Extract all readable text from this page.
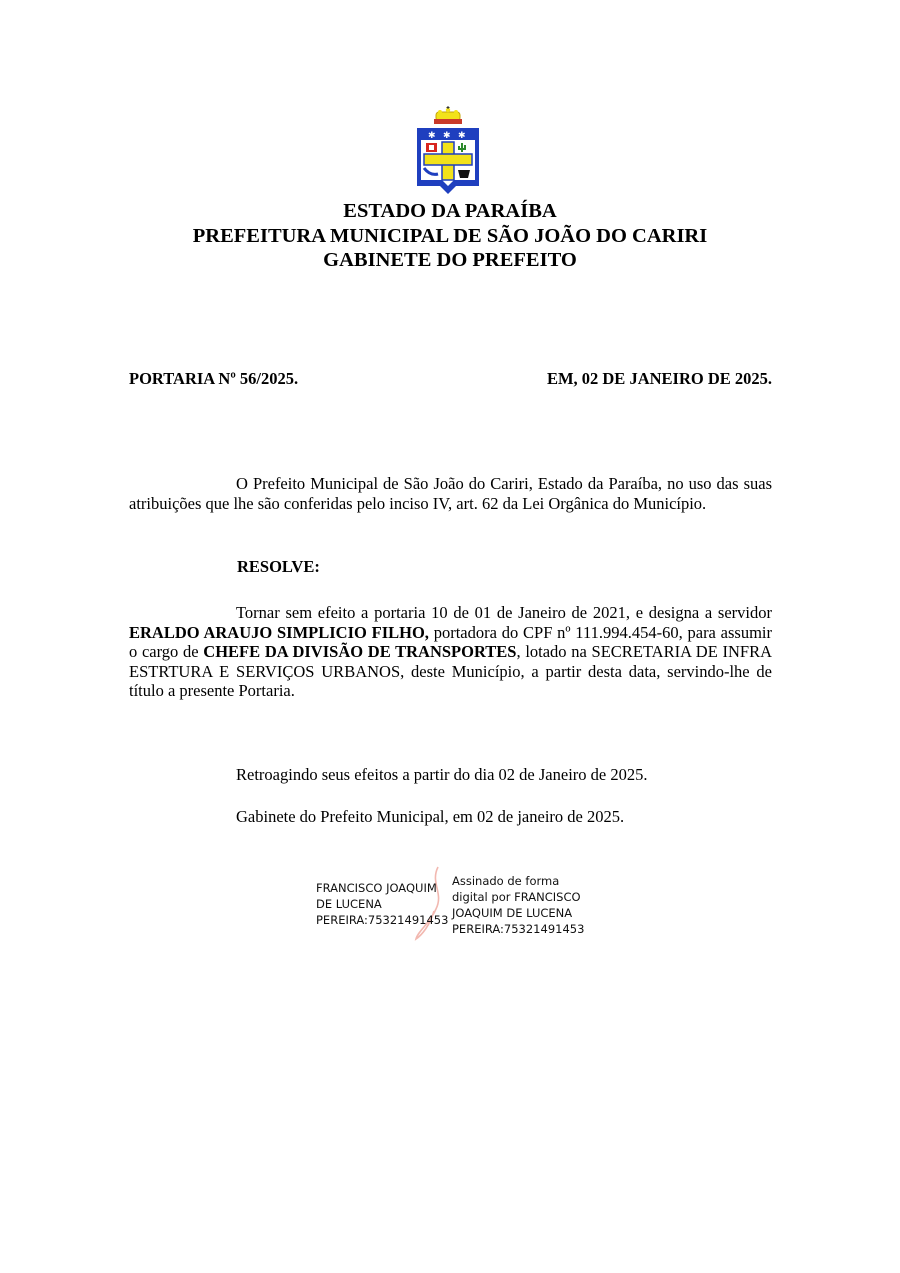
✱ ✱ ✱
ESTADO DA PARAÍBA
PREFEITURA MUNICIPAL DE SÃO JOÃO DO CARIRI
GABINETE DO PREFEITO
PORTARIA Nº 56/2025.	EM, 02 DE JANEIRO DE 2025.
O Prefeito Municipal de São João do Cariri, Estado da Paraíba, no uso das suas atribuições que lhe são conferidas pelo inciso IV, art. 62 da Lei Orgânica do Município.
RESOLVE:
Tornar sem efeito a portaria 10 de 01 de Janeiro de 2021, e designa a servidor ERALDO ARAUJO SIMPLICIO FILHO, portadora do CPF nº 111.994.454-60, para assumir o cargo de CHEFE DA DIVISÃO DE TRANSPORTES, lotado na SECRETARIA DE INFRA ESTRTURA E SERVIÇOS URBANOS, deste Município, a partir desta data, servindo-lhe de título a presente Portaria.
Retroagindo seus efeitos a partir do dia 02 de Janeiro de 2025.
Gabinete do Prefeito Municipal, em 02 de janeiro de 2025.
FRANCISCO JOAQUIM
DE LUCENA
PEREIRA:75321491453
Assinado de forma
digital por FRANCISCO
JOAQUIM DE LUCENA
PEREIRA:75321491453
